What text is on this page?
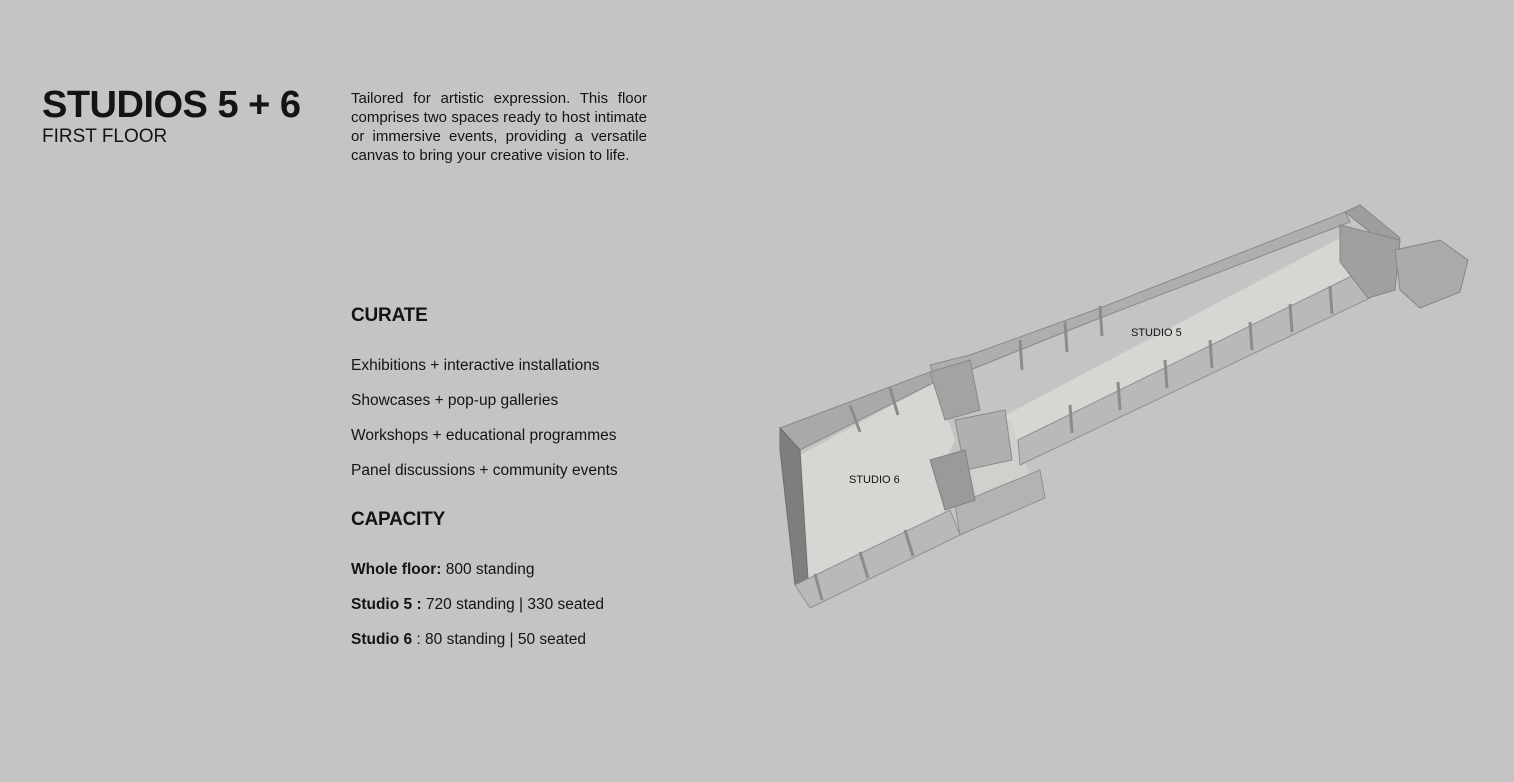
STUDIOS 5 + 6
FIRST FLOOR

Tailored for artistic expression. This floor comprises two spaces ready to host intimate or immersive events, providing a versatile canvas to bring your creative vision to life.

CURATE
Exhibitions + interactive installations
Showcases + pop-up galleries
Workshops + educational programmes
Panel discussions + community events
CAPACITY
Whole floor: 800 standing
Studio 5 : 720 standing | 330 seated
Studio 6 : 80 standing | 50 seated
STUDIO 5
STUDIO 6
